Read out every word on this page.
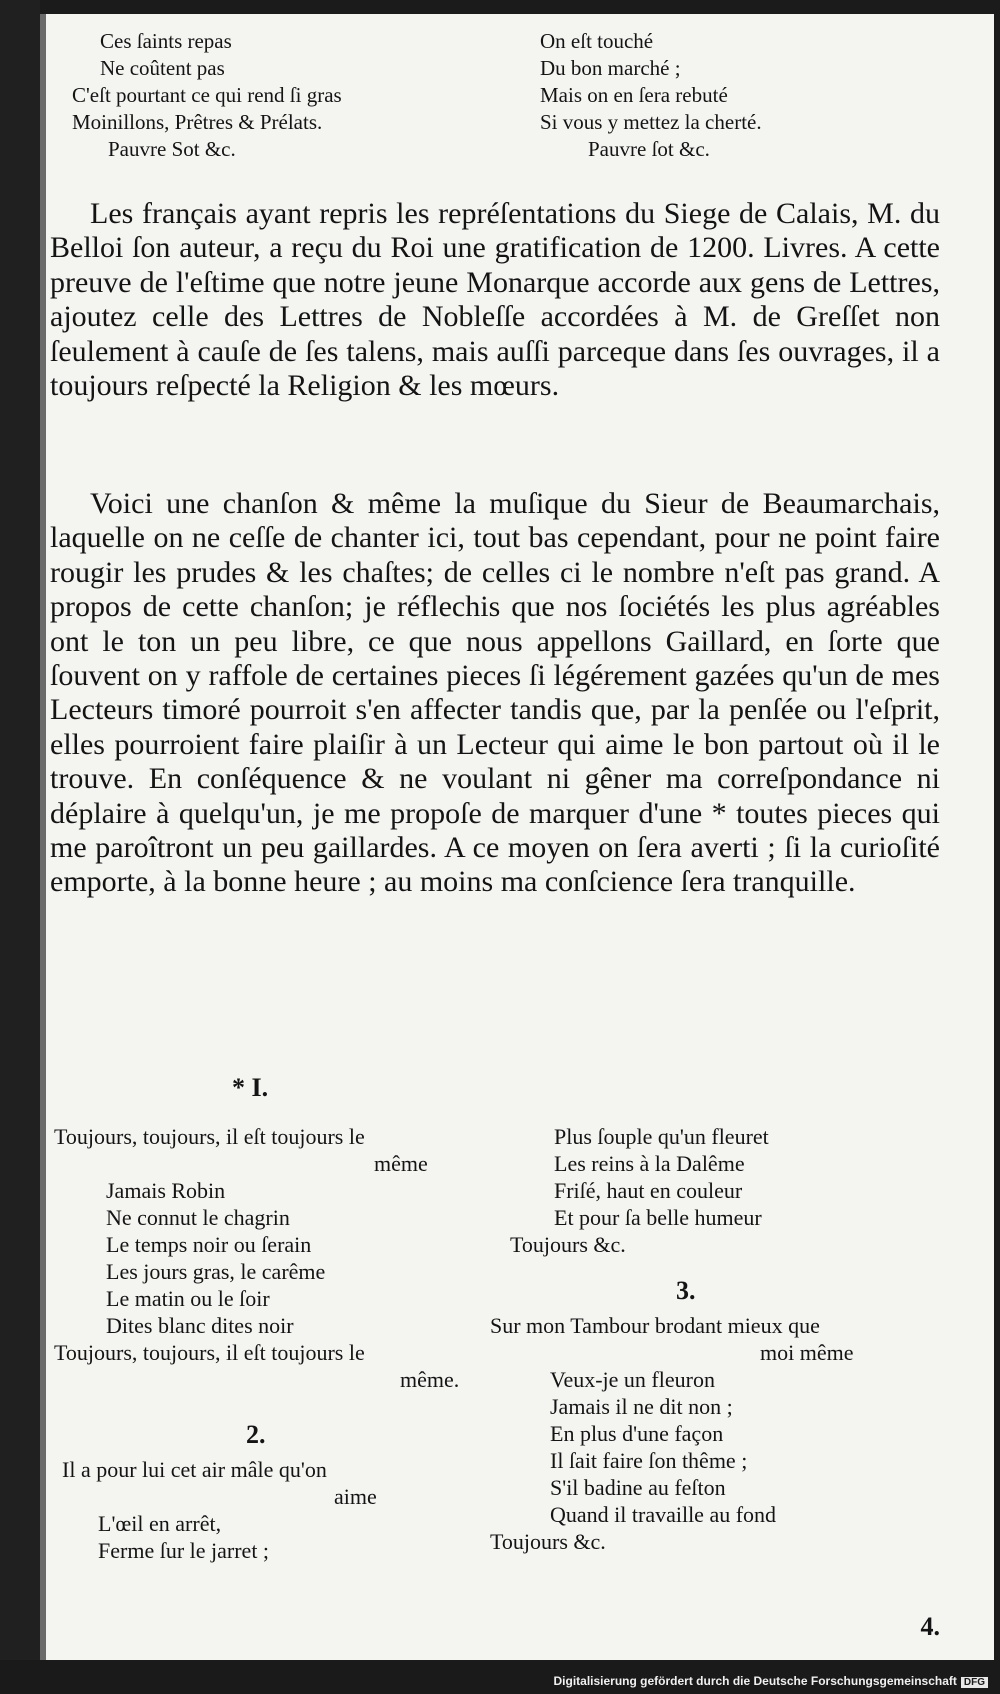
Ces ſaints repas
Ne coûtent pas
C'eſt pourtant ce qui rend ſi gras
Moinillons, Prêtres & Prélats.
Pauvre Sot &c.
On eſt touché
Du bon marché ;
Mais on en ſera rebuté
Si vous y mettez la cherté.
Pauvre ſot &c.

Les français ayant repris les repréſentations du Siege de Calais, M. du Belloi ſon auteur, a reçu du Roi une gratification de 1200. Livres. A cette preuve de l'eſtime que notre jeune Monarque accorde aux gens de Lettres, ajoutez celle des Lettres de Nobleſſe accordées à M. de Greſſet non ſeulement à cauſe de ſes talens, mais auſſi parceque dans ſes ouvrages, il a toujours reſpecté la Religion & les mœurs.

Voici une chanſon & même la muſique du Sieur de Beaumarchais, laquelle on ne ceſſe de chanter ici, tout bas cependant, pour ne point faire rougir les prudes & les chaſtes; de celles ci le nombre n'eſt pas grand. A propos de cette chanſon; je réflechis que nos ſociétés les plus agréables ont le ton un peu libre, ce que nous appellons Gaillard, en ſorte que ſouvent on y raffole de certaines pieces ſi légérement gazées qu'un de mes Lecteurs timoré pourroit s'en affecter tandis que, par la penſée ou l'eſprit, elles pourroient faire plaiſir à un Lecteur qui aime le bon partout où il le trouve. En conſéquence & ne voulant ni gêner ma correſpondance ni déplaire à quelqu'un, je me propoſe de marquer d'une * toutes pieces qui me paroîtront un peu gaillardes. A ce moyen on ſera averti ; ſi la curioſité emporte, à la bonne heure ; au moins ma conſcience ſera tranquille.

* I.
Toujours, toujours, il eſt toujours le
même
Jamais Robin
Ne connut le chagrin
Le temps noir ou ſerain
Les jours gras, le carême
Le matin ou le ſoir
Dites blanc dites noir
Toujours, toujours, il eſt toujours le
même.
2.
Il a pour lui cet air mâle qu'on
aime
L'œil en arrêt,
Ferme ſur le jarret ;
Plus ſouple qu'un fleuret
Les reins à la Dalême
Friſé, haut en couleur
Et pour ſa belle humeur
Toujours &c.
3.
Sur mon Tambour brodant mieux que
moi même
Veux-je un fleuron
Jamais il ne dit non ;
En plus d'une façon
Il ſait faire ſon thême ;
S'il badine au feſton
Quand il travaille au fond
Toujours &c.
4.
Digitalisierung gefördert durch die Deutsche Forschungsgemeinschaft DFG
